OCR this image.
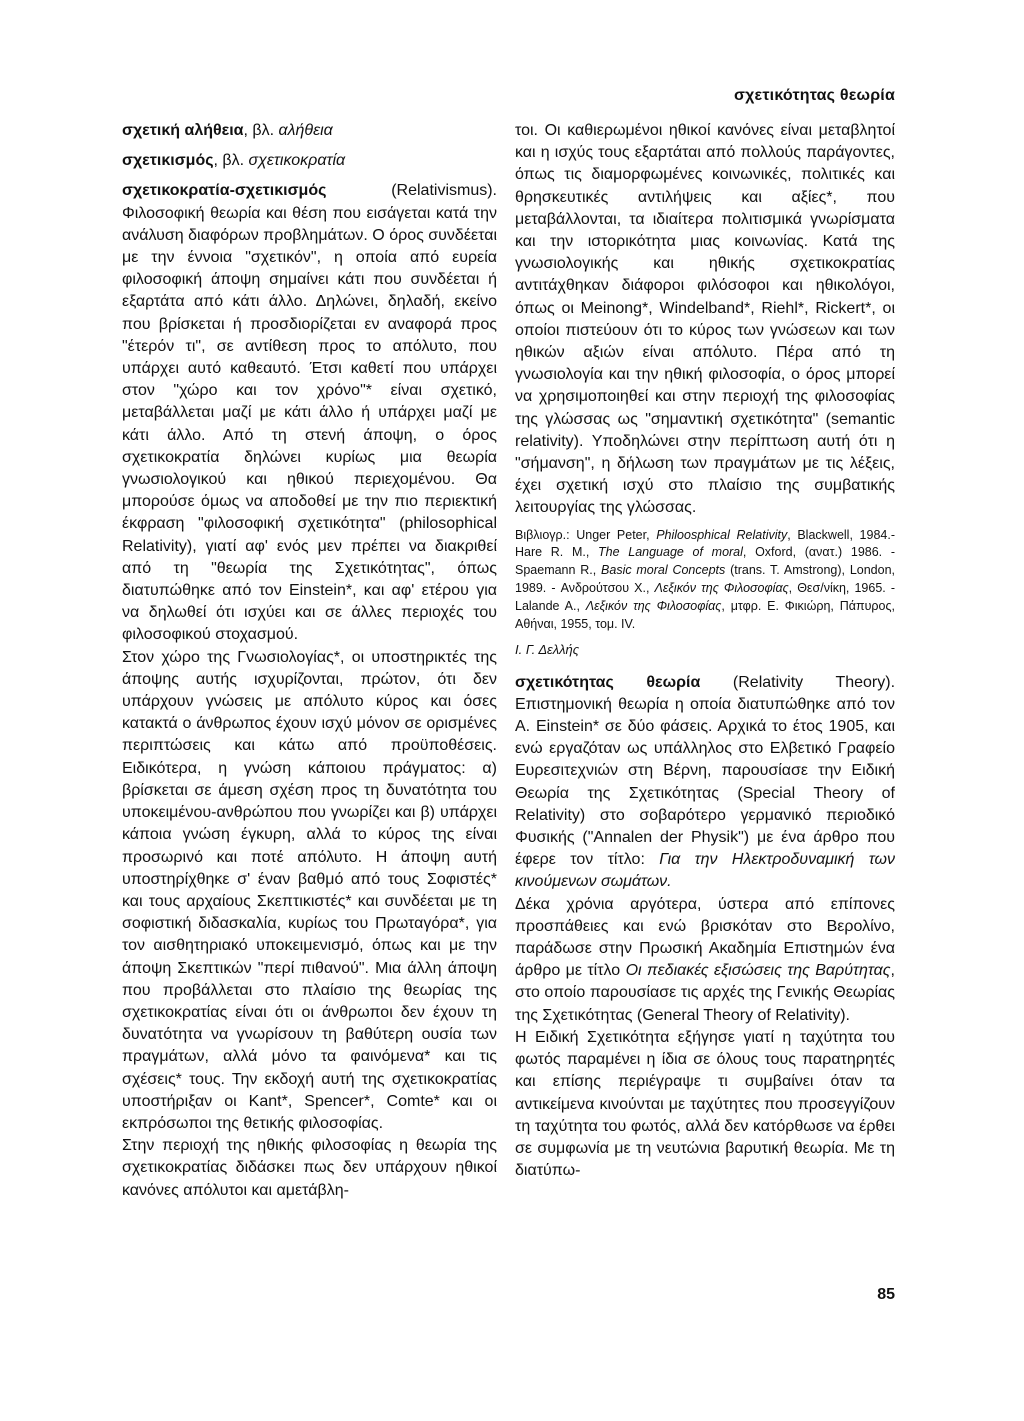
σχετικότητας θεωρία

σχετική αλήθεια, βλ. αλήθεια

σχετικισμός, βλ. σχετικοκρατία

σχετικοκρατία-σχετικισμός (Relativismus). Φιλοσοφική θεωρία και θέση που εισάγεται κατά την ανάλυση διαφόρων προβλημάτων. Ο όρος συνδέεται με την έννοια "σχετικόν", η οποία από ευρεία φιλοσοφική άποψη σημαίνει κάτι που συνδέεται ή εξαρτάτα από κάτι άλλο. Δηλώνει, δηλαδή, εκείνο που βρίσκεται ή προσδιορίζεται εν αναφορά προς "έτερόν τι", σε αντίθεση προς το απόλυτο, που υπάρχει αυτό καθεαυτό. Έτσι καθετί που υπάρχει στον "χώρο και τον χρόνο"* είναι σχετικό, μεταβάλλεται μαζί με κάτι άλλο ή υπάρχει μαζί με κάτι άλλο. Από τη στενή άποψη, ο όρος σχετικοκρατία δηλώνει κυρίως μια θεωρία γνωσιολογικού και ηθικού περιεχομένου. Θα μπορούσε όμως να αποδοθεί με την πιο περιεκτική έκφραση "φιλοσοφική σχετικότητα" (philosophical Relativity), γιατί αφ' ενός μεν πρέπει να διακριθεί από τη "θεωρία της Σχετικότητας", όπως διατυπώθηκε από τον Einstein*, και αφ' ετέρου για να δηλωθεί ότι ισχύει και σε άλλες περιοχές του φιλοσοφικού στοχασμού.

Στον χώρο της Γνωσιολογίας*, οι υποστηρικτές της άποψης αυτής ισχυρίζονται, πρώτον, ότι δεν υπάρχουν γνώσεις με απόλυτο κύρος και όσες κατακτά ο άνθρωπος έχουν ισχύ μόνον σε ορισμένες περιπτώσεις και κάτω από προϋποθέσεις. Ειδικότερα, η γνώση κάποιου πράγματος: α) βρίσκεται σε άμεση σχέση προς τη δυνατότητα του υποκειμένου-ανθρώπου που γνωρίζει και β) υπάρχει κάποια γνώση έγκυρη, αλλά το κύρος της είναι προσωρινό και ποτέ απόλυτο. Η άποψη αυτή υποστηρίχθηκε σ' έναν βαθμό από τους Σοφιστές* και τους αρχαίους Σκεπτικιστές* και συνδέεται με τη σοφιστική διδασκαλία, κυρίως του Πρωταγόρα*, για τον αισθητηριακό υποκειμενισμό, όπως και με την άποψη Σκεπτικών "περί πιθανού". Μια άλλη άποψη που προβάλλεται στο πλαίσιο της θεωρίας της σχετικοκρατίας είναι ότι οι άνθρωποι δεν έχουν τη δυνατότητα να γνωρίσουν τη βαθύτερη ουσία των πραγμάτων, αλλά μόνο τα φαινόμενα* και τις σχέσεις* τους. Την εκδοχή αυτή της σχετικοκρατίας υποστήριξαν οι Kant*, Spencer*, Comte* και οι εκπρόσωποι της θετικής φιλοσοφίας.

Στην περιοχή της ηθικής φιλοσοφίας η θεωρία της σχετικοκρατίας διδάσκει πως δεν υπάρχουν ηθικοί κανόνες απόλυτοι και αμετάβλη-

τοι. Οι καθιερωμένοι ηθικοί κανόνες είναι μεταβλητοί και η ισχύς τους εξαρτάται από πολλούς παράγοντες, όπως τις διαμορφωμένες κοινωνικές, πολιτικές και θρησκευτικές αντιλήψεις και αξίες*, που μεταβάλλονται, τα ιδιαίτερα πολιτισμικά γνωρίσματα και την ιστορικότητα μιας κοινωνίας. Κατά της γνωσιολογικής και ηθικής σχετικοκρατίας αντιτάχθηκαν διάφοροι φιλόσοφοι και ηθικολόγοι, όπως οι Meinong*, Windelband*, Riehl*, Rickert*, οι οποίοι πιστεύουν ότι το κύρος των γνώσεων και των ηθικών αξιών είναι απόλυτο. Πέρα από τη γνωσιολογία και την ηθική φιλοσοφία, ο όρος μπορεί να χρησιμοποιηθεί και στην περιοχή της φιλοσοφίας της γλώσσας ως "σημαντική σχετικότητα" (semantic relativity). Υποδηλώνει στην περίπτωση αυτή ότι η "σήμανση", η δήλωση των πραγμάτων με τις λέξεις, έχει σχετική ισχύ στο πλαίσιο της συμβατικής λειτουργίας της γλώσσας.

Βιβλιογρ.: Unger Peter, Philoosphical Relativity, Blackwell, 1984.- Hare R. M., The Language of moral, Oxford, (ανατ.) 1986. - Spaemann R., Basic moral Concepts (trans. T. Amstrong), London, 1989. - Ανδρούτσου Χ., Λεξικόν της Φιλοσοφίας, Θεσ/νίκη, 1965. - Lalande A., Λεξικόν της Φιλοσοφίας, μτφρ. Ε. Φικιώρη, Πάπυρος, Αθήναι, 1955, τομ. IV.

Ι. Γ. Δελλής

σχετικότητας θεωρία (Relativity Theory). Επιστημονική θεωρία η οποία διατυπώθηκε από τον A. Einstein* σε δύο φάσεις. Αρχικά το έτος 1905, και ενώ εργαζόταν ως υπάλληλος στο Ελβετικό Γραφείο Ευρεσιτεχνιών στη Βέρνη, παρουσίασε την Ειδική Θεωρία της Σχετικότητας (Special Theory of Relativity) στο σοβαρότερο γερμανικό περιοδικό Φυσικής ("Annalen der Physik") με ένα άρθρο που έφερε τον τίτλο: Για την Ηλεκτροδυναμική των κινούμενων σωμάτων.

Δέκα χρόνια αργότερα, ύστερα από επίπονες προσπάθειες και ενώ βρισκόταν στο Βερολίνο, παράδωσε στην Πρωσική Ακαδημία Επιστημών ένα άρθρο με τίτλο Οι πεδιακές εξισώσεις της Βαρύτητας, στο οποίο παρουσίασε τις αρχές της Γενικής Θεωρίας της Σχετικότητας (General Theory of Relativity).

Η Ειδική Σχετικότητα εξήγησε γιατί η ταχύτητα του φωτός παραμένει η ίδια σε όλους τους παρατηρητές και επίσης περιέγραψε τι συμβαίνει όταν τα αντικείμενα κινούνται με ταχύτητες που προσεγγίζουν τη ταχύτητα του φωτός, αλλά δεν κατόρθωσε να έρθει σε συμφωνία με τη νευτώνια βαρυτική θεωρία. Με τη διατύπω-

85
